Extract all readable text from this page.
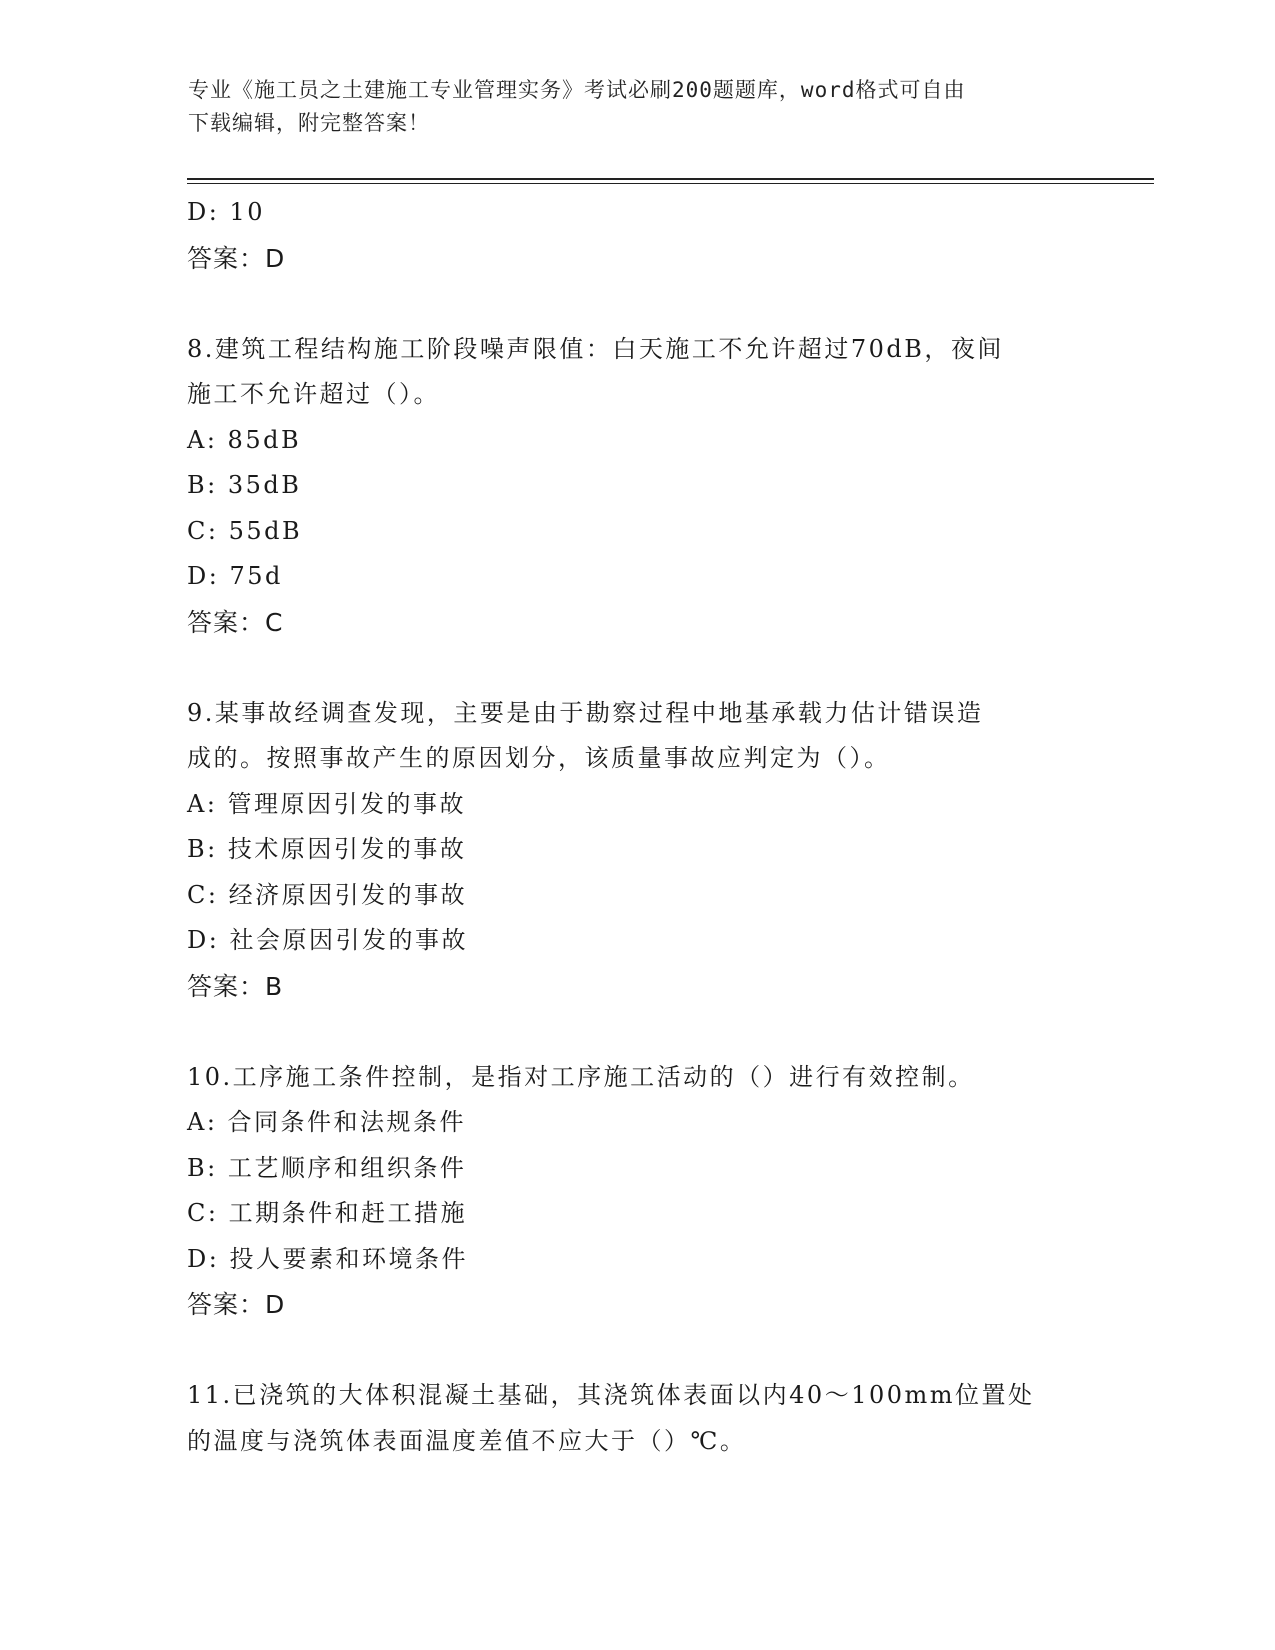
专业《施工员之土建施工专业管理实务》考试必刷200题题库，word格式可自由
下载编辑，附完整答案！
D: 10
答案：D
8.建筑工程结构施工阶段噪声限值：白天施工不允许超过70dB，夜间
施工不允许超过（）。
A: 85dB
B: 35dB
C: 55dB
D: 75d
答案：C
9.某事故经调查发现，主要是由于勘察过程中地基承载力估计错误造
成的。按照事故产生的原因划分，该质量事故应判定为（）。
A: 管理原因引发的事故
B: 技术原因引发的事故
C: 经济原因引发的事故
D: 社会原因引发的事故
答案：B
10.工序施工条件控制，是指对工序施工活动的（）进行有效控制。
A: 合同条件和法规条件
B: 工艺顺序和组织条件
C: 工期条件和赶工措施
D: 投人要素和环境条件
答案：D
11.已浇筑的大体积混凝土基础，其浇筑体表面以内40～100mm位置处
的温度与浇筑体表面温度差值不应大于（）℃。
